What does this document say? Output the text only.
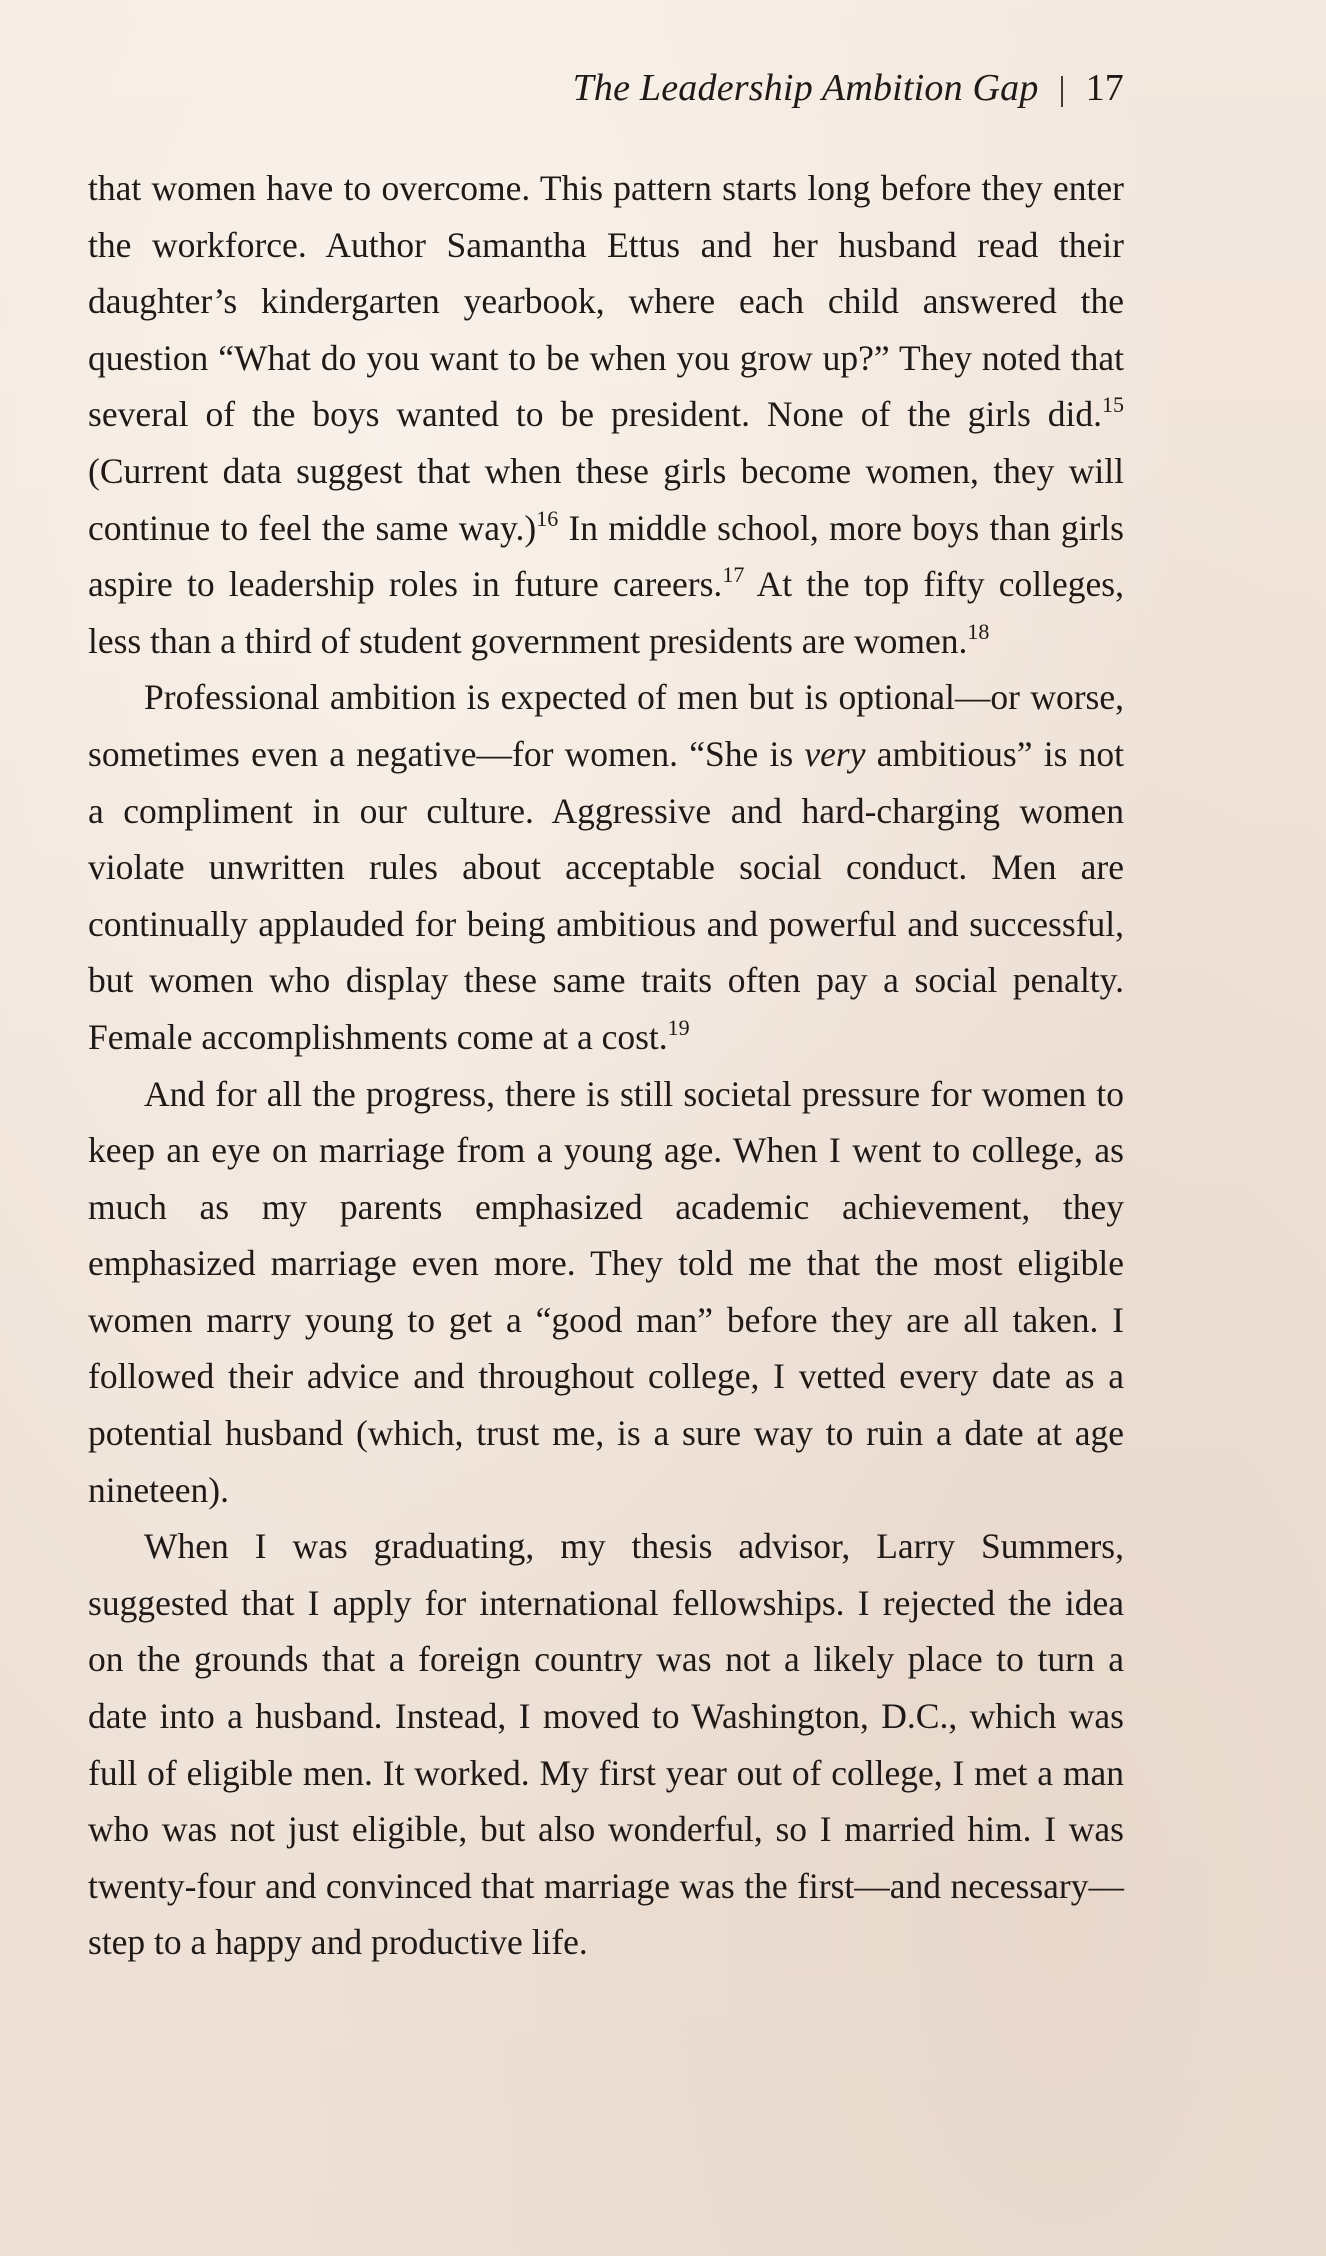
The Leadership Ambition Gap | 17

that women have to overcome. This pattern starts long before they enter the workforce. Author Samantha Ettus and her husband read their daughter’s kindergarten yearbook, where each child answered the question “What do you want to be when you grow up?” They noted that several of the boys wanted to be president. None of the girls did.$^{15}$ (Current data suggest that when these girls become women, they will continue to feel the same way.)$^{16}$ In middle school, more boys than girls aspire to leadership roles in future careers.$^{17}$ At the top fifty colleges, less than a third of student government presidents are women.$^{18}$

Professional ambition is expected of men but is optional—or worse, sometimes even a negative—for women. “She is very ambitious” is not a compliment in our culture. Aggressive and hard-charging women violate unwritten rules about acceptable social conduct. Men are continually applauded for being ambitious and powerful and successful, but women who display these same traits often pay a social penalty. Female accomplishments come at a cost.$^{19}$

And for all the progress, there is still societal pressure for women to keep an eye on marriage from a young age. When I went to college, as much as my parents emphasized academic achievement, they emphasized marriage even more. They told me that the most eligible women marry young to get a “good man” before they are all taken. I followed their advice and throughout college, I vetted every date as a potential husband (which, trust me, is a sure way to ruin a date at age nineteen).

When I was graduating, my thesis advisor, Larry Summers, suggested that I apply for international fellowships. I rejected the idea on the grounds that a foreign country was not a likely place to turn a date into a husband. Instead, I moved to Washington, D.C., which was full of eligible men. It worked. My first year out of college, I met a man who was not just eligible, but also wonderful, so I married him. I was twenty-four and convinced that marriage was the first—and necessary—step to a happy and productive life.
